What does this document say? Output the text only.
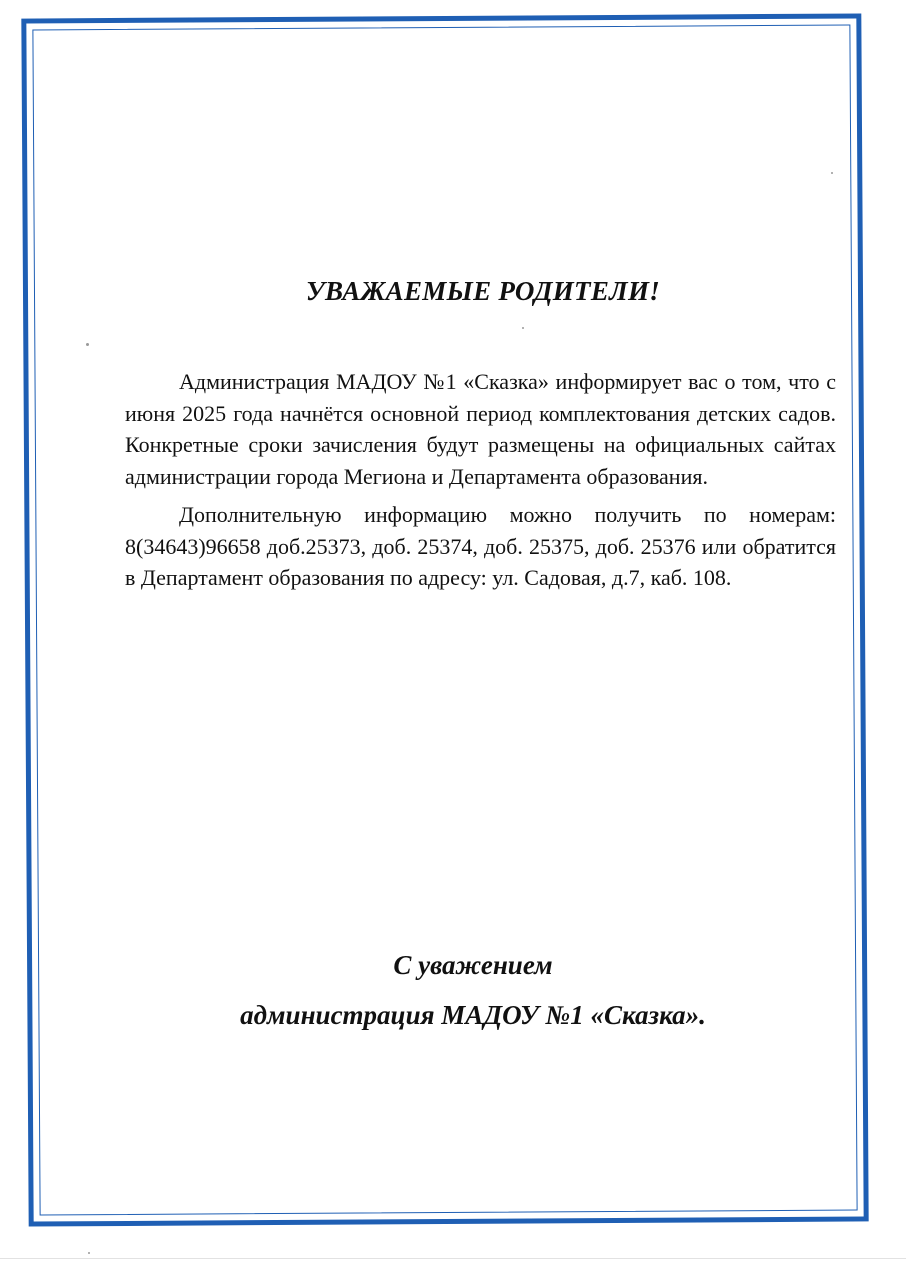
УВАЖАЕМЫЕ РОДИТЕЛИ!

Администрация МАДОУ №1 «Сказка» информирует вас о том, что с июня 2025 года начнётся основной период комплектования детских садов. Конкретные сроки зачисления будут размещены на официальных сайтах администрации города Мегиона и Департамента образования.

Дополнительную информацию можно получить по номерам: 8(34643)96658 доб.25373, доб. 25374, доб. 25375, доб. 25376 или обратится в Департамент образования по адресу: ул. Садовая, д.7, каб. 108.

С уважением

администрация МАДОУ №1 «Сказка».
